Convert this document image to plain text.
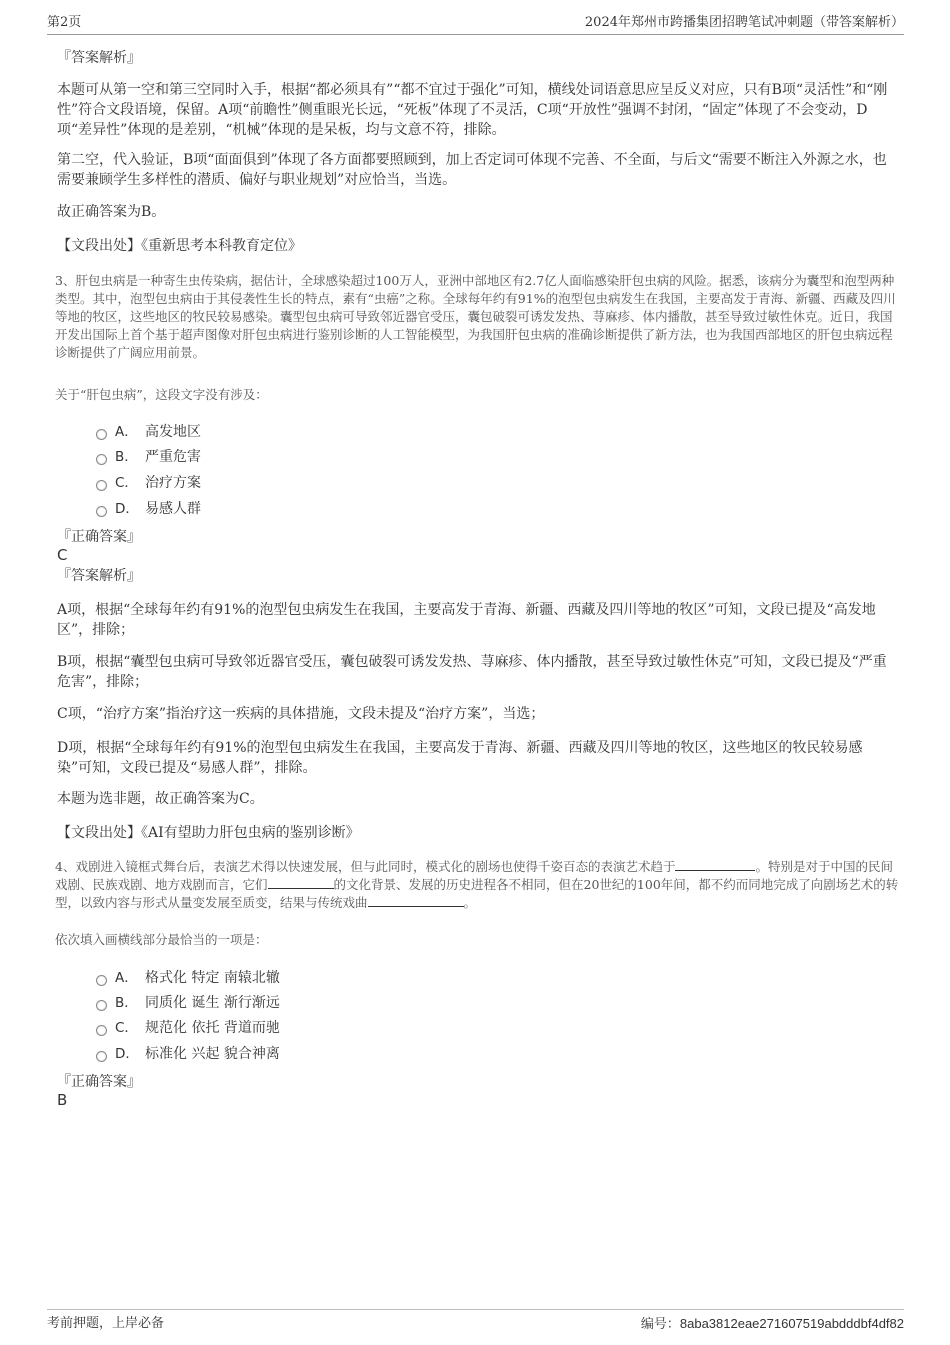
第2页	2024年郑州市跨播集团招聘笔试冲刺题（带答案解析）
『答案解析』
本题可从第一空和第三空同时入手，根据“都必须具有”“都不宜过于强化”可知，横线处词语意思应呈反义对应，只有B项“灵活性”和“刚性”符合文段语境，保留。A项“前瞻性”侧重眼光长远，“死板”体现了不灵活，C项“开放性”强调不封闭，“固定”体现了不会变动，D项“差异性”体现的是差别，“机械”体现的是呆板，均与文意不符，排除。
第二空，代入验证，B项“面面俱到”体现了各方面都要照顾到，加上否定词可体现不完善、不全面，与后文“需要不断注入外源之水，也需要兼顾学生多样性的潜质、偏好与职业规划”对应恰当，当选。
故正确答案为B。
【文段出处】《重新思考本科教育定位》
3、肝包虫病是一种寄生虫传染病，据估计，全球感染超过100万人，亚洲中部地区有2.7亿人面临感染肝包虫病的风险。据悉，该病分为囊型和泡型两种类型。其中，泡型包虫病由于其侵袭性生长的特点，素有“虫癌”之称。全球每年约有91%的泡型包虫病发生在我国，主要高发于青海、新疆、西藏及四川等地的牧区，这些地区的牧民较易感染。囊型包虫病可导致邻近器官受压，囊包破裂可诱发发热、荨麻疹、体内播散，甚至导致过敏性休克。近日，我国开发出国际上首个基于超声图像对肝包虫病进行鉴别诊断的人工智能模型，为我国肝包虫病的准确诊断提供了新方法，也为我国西部地区的肝包虫病远程诊断提供了广阔应用前景。
关于“肝包虫病”，这段文字没有涉及：
A． 高发地区
B． 严重危害
C． 治疗方案
D． 易感人群
『正确答案』
C
『答案解析』
A项，根据“全球每年约有91%的泡型包虫病发生在我国，主要高发于青海、新疆、西藏及四川等地的牧区”可知，文段已提及“高发地区”，排除；
B项，根据“囊型包虫病可导致邻近器官受压，囊包破裂可诱发发热、荨麻疹、体内播散，甚至导致过敏性休克”可知，文段已提及“严重危害”，排除；
C项，“治疗方案”指治疗这一疾病的具体措施，文段未提及“治疗方案”，当选；
D项，根据“全球每年约有91%的泡型包虫病发生在我国，主要高发于青海、新疆、西藏及四川等地的牧区，这些地区的牧民较易感染”可知，文段已提及“易感人群”，排除。
本题为选非题，故正确答案为C。
【文段出处】《AI有望助力肝包虫病的鉴别诊断》
4、戏剧进入镜框式舞台后，表演艺术得以快速发展，但与此同时，模式化的剧场也使得千姿百态的表演艺术趋于	。特别是对于中国的民间戏剧、民族戏剧、地方戏剧而言，它们	的文化背景、发展的历史进程各不相同，但在20世纪的100年间，都不约而同地完成了向剧场艺术的转型，以致内容与形式从量变发展至质变，结果与传统戏曲	。
依次填入画横线部分最恰当的一项是：
A． 格式化 特定 南辕北辙
B． 同质化 诞生 渐行渐远
C． 规范化 依托 背道而驰
D． 标准化 兴起 貌合神离
『正确答案』
B
考前押题，上岸必备	编号：8aba3812eae271607519abdddbf4df82
